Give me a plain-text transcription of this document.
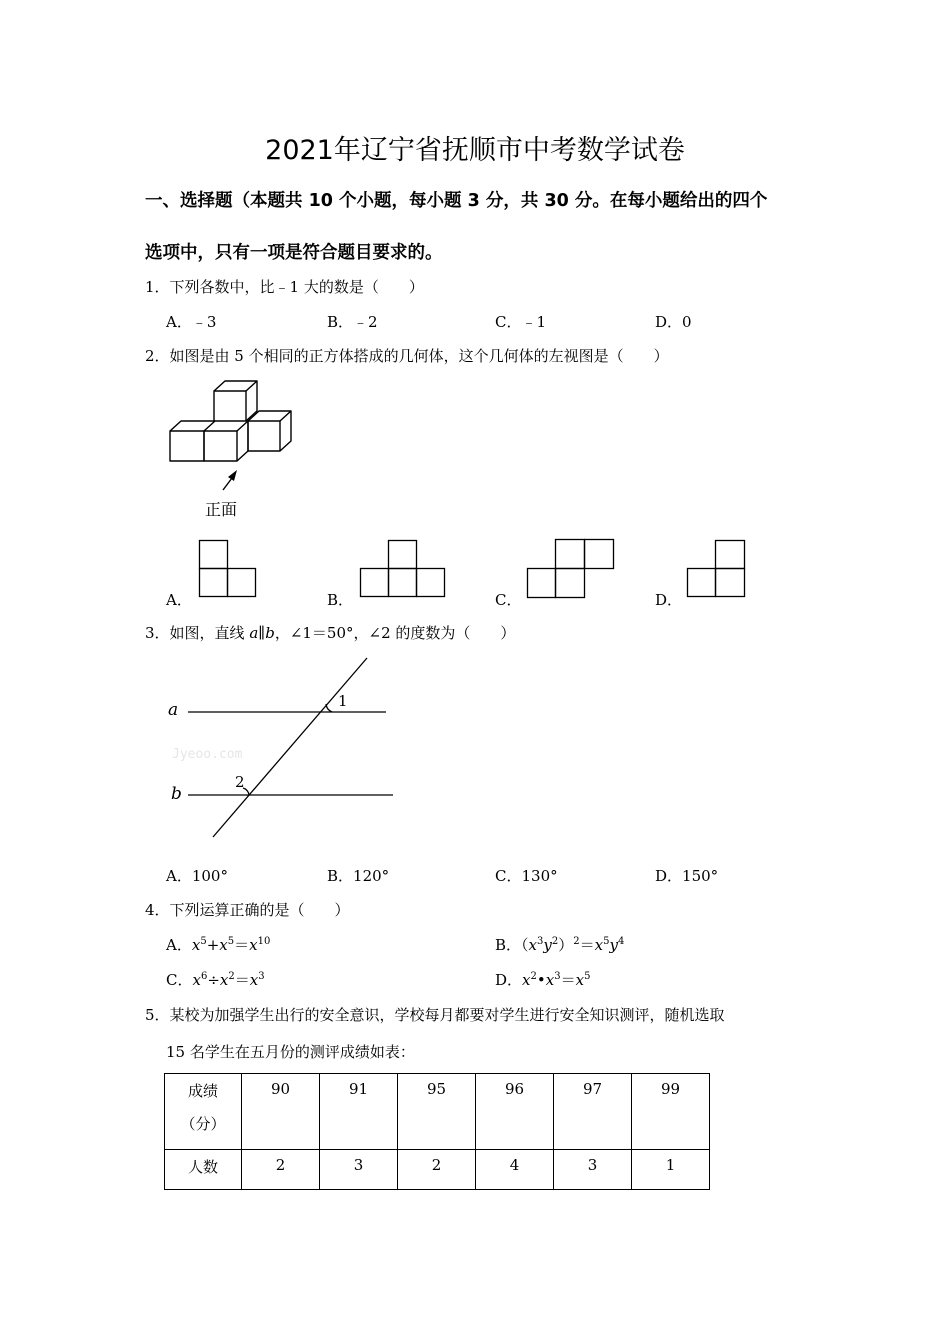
2021年辽宁省抚顺市中考数学试卷
一、选择题（本题共 10 个小题，每小题 3 分，共 30 分。在每小题给出的四个
选项中，只有一项是符合题目要求的。
1．下列各数中，比﹣1 大的数是（　　）
A．﹣3	B．﹣2	C．﹣1	D．0
2．如图是由 5 个相同的正方体搭成的几何体，这个几何体的左视图是（　　）
正面
A．	B．	C．	D．
3．如图，直线 a∥b，∠1＝50°，∠2 的度数为（　　）
a
b
1
2
Jyeoo.com
A．100°	B．120°	C．130°	D．150°
4．下列运算正确的是（　　）
A．$x^5+x^5=x^{10}$	B．$(x^3y^2)^2=x^5y^4$
C．$x^6\div x^2=x^3$	D．$x^2•x^3=x^5$
5．某校为加强学生出行的安全意识，学校每月都要对学生进行安全知识测评，随机选取
15 名学生在五月份的测评成绩如表：
成绩
（分）	90	91	95	96	97	99
人数	2	3	2	4	3	1
